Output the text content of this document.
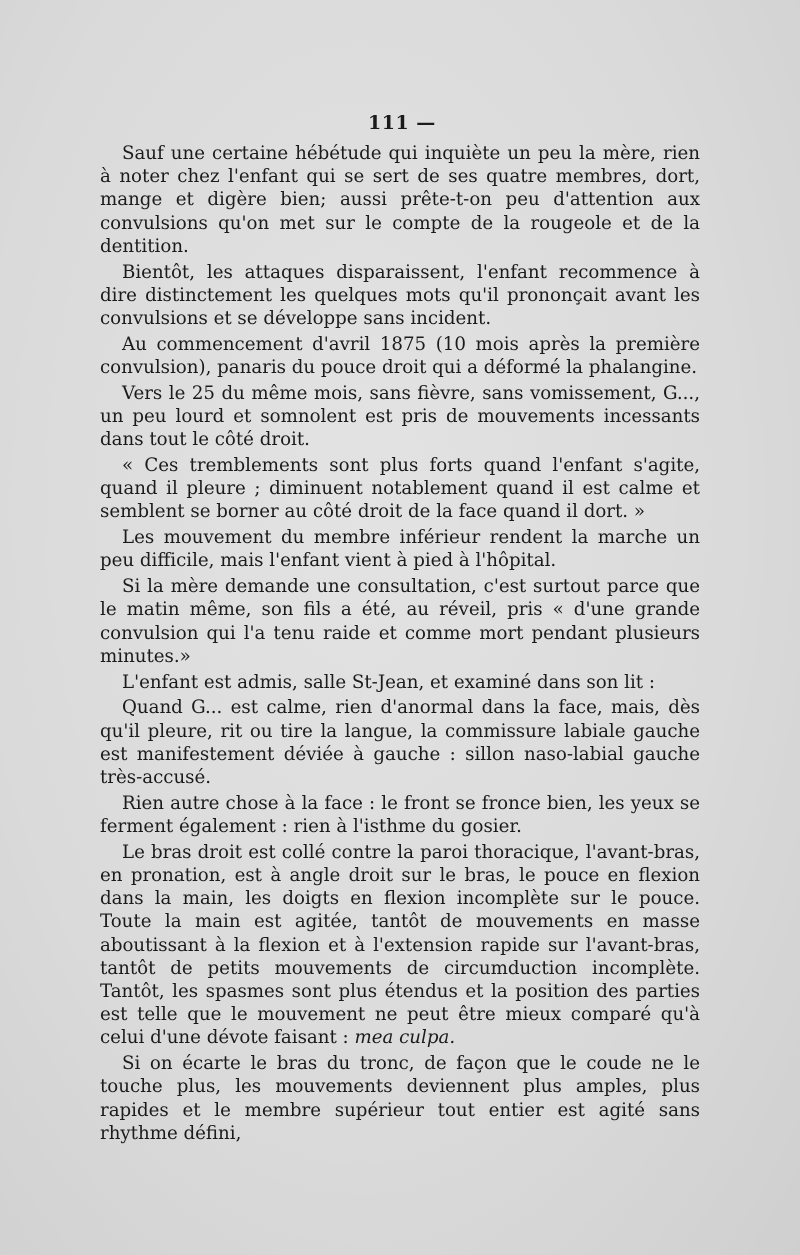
111 —

Sauf une certaine hébétude qui inquiète un peu la mère, rien à noter chez l'enfant qui se sert de ses quatre membres, dort, mange et digère bien; aussi prête-t-on peu d'attention aux convulsions qu'on met sur le compte de la rougeole et de la dentition.

Bientôt, les attaques disparaissent, l'enfant recommence à dire distinctement les quelques mots qu'il prononçait avant les convulsions et se développe sans incident.

Au commencement d'avril 1875 (10 mois après la première convulsion), panaris du pouce droit qui a déformé la phalangine.

Vers le 25 du même mois, sans fièvre, sans vomissement, G..., un peu lourd et somnolent est pris de mouvements incessants dans tout le côté droit.

« Ces tremblements sont plus forts quand l'enfant s'agite, quand il pleure ; diminuent notablement quand il est calme et semblent se borner au côté droit de la face quand il dort. »

Les mouvement du membre inférieur rendent la marche un peu difficile, mais l'enfant vient à pied à l'hôpital.

Si la mère demande une consultation, c'est surtout parce que le matin même, son fils a été, au réveil, pris « d'une grande convulsion qui l'a tenu raide et comme mort pendant plusieurs minutes.»

L'enfant est admis, salle St-Jean, et examiné dans son lit :

Quand G... est calme, rien d'anormal dans la face, mais, dès qu'il pleure, rit ou tire la langue, la commissure labiale gauche est manifestement déviée à gauche : sillon naso-labial gauche très-accusé.

Rien autre chose à la face : le front se fronce bien, les yeux se ferment également : rien à l'isthme du gosier.

Le bras droit est collé contre la paroi thoracique, l'avant-bras, en pronation, est à angle droit sur le bras, le pouce en flexion dans la main, les doigts en flexion incomplète sur le pouce. Toute la main est agitée, tantôt de mouvements en masse aboutissant à la flexion et à l'extension rapide sur l'avant-bras, tantôt de petits mouvements de circumduction incomplète. Tantôt, les spasmes sont plus étendus et la position des parties est telle que le mouvement ne peut être mieux comparé qu'à celui d'une dévote faisant : mea culpa.

Si on écarte le bras du tronc, de façon que le coude ne le touche plus, les mouvements deviennent plus amples, plus rapides et le membre supérieur tout entier est agité sans rhythme défini,
